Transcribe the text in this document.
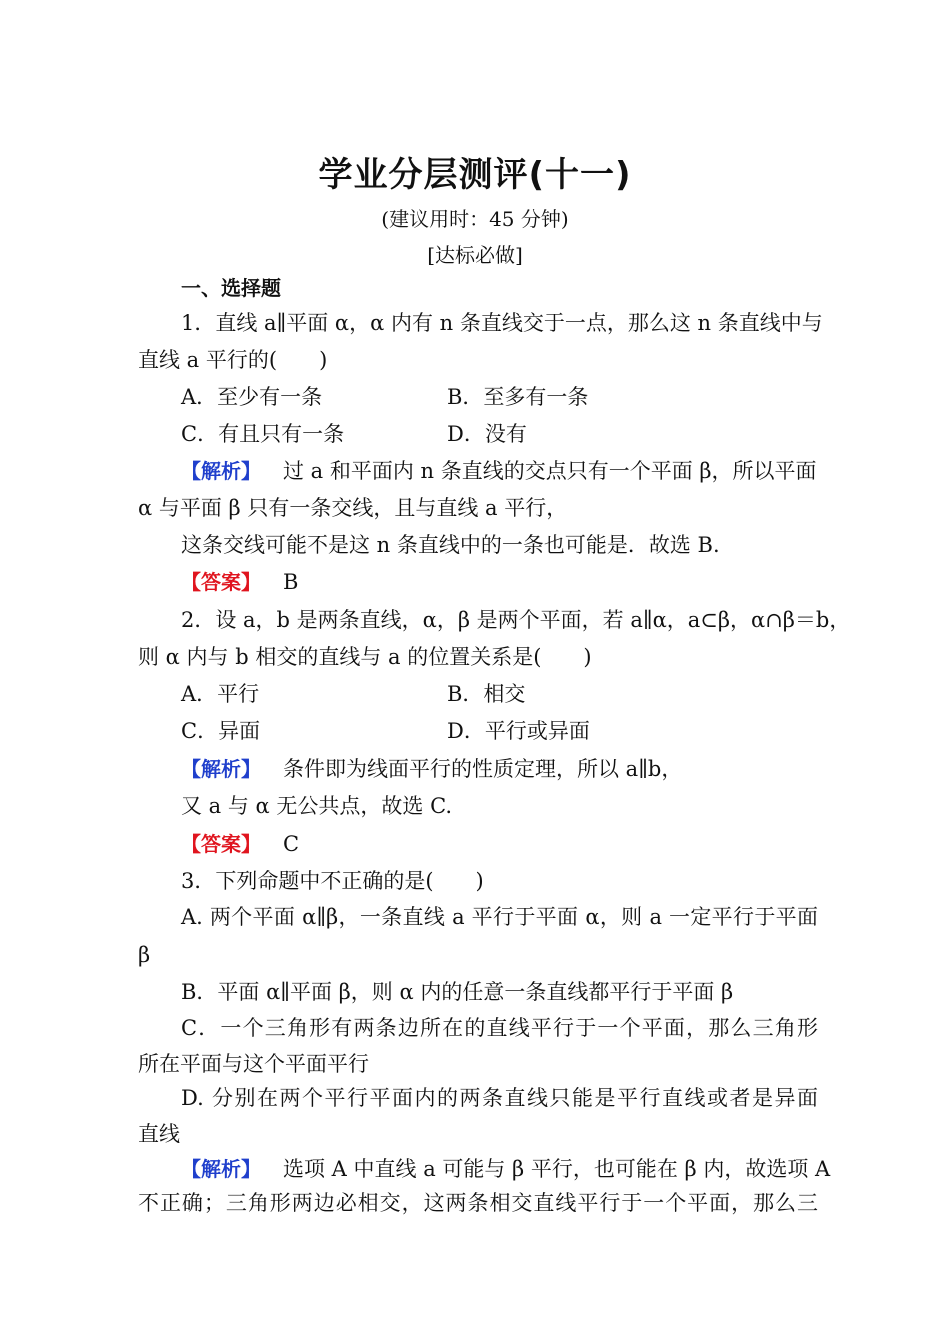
学业分层测评(十一)
(建议用时：45 分钟)
[达标必做]
一、选择题
1．直线 a∥平面 α，α 内有 n 条直线交于一点，那么这 n 条直线中与
直线 a 平行的(　　)
A．至少有一条	B．至多有一条
C．有且只有一条	D．没有
【解析】 过 a 和平面内 n 条直线的交点只有一个平面 β，所以平面
α 与平面 β 只有一条交线，且与直线 a 平行，
这条交线可能不是这 n 条直线中的一条也可能是．故选 B.
【答案】 B
2．设 a，b 是两条直线，α，β 是两个平面，若 a∥α，a⊂β，α∩β＝b，
则 α 内与 b 相交的直线与 a 的位置关系是(　　)
A．平行	B．相交
C．异面	D．平行或异面
【解析】 条件即为线面平行的性质定理，所以 a∥b，
又 a 与 α 无公共点，故选 C.
【答案】 C
3．下列命题中不正确的是(　　)
A. 两个平面 α∥β，一条直线 a 平行于平面 α，则 a 一定平行于平面
β
B．平面 α∥平面 β，则 α 内的任意一条直线都平行于平面 β
C．一个三角形有两条边所在的直线平行于一个平面，那么三角形
所在平面与这个平面平行
D. 分别在两个平行平面内的两条直线只能是平行直线或者是异面
直线
【解析】 选项 A 中直线 a 可能与 β 平行，也可能在 β 内，故选项 A
不正确；三角形两边必相交，这两条相交直线平行于一个平面，那么三
